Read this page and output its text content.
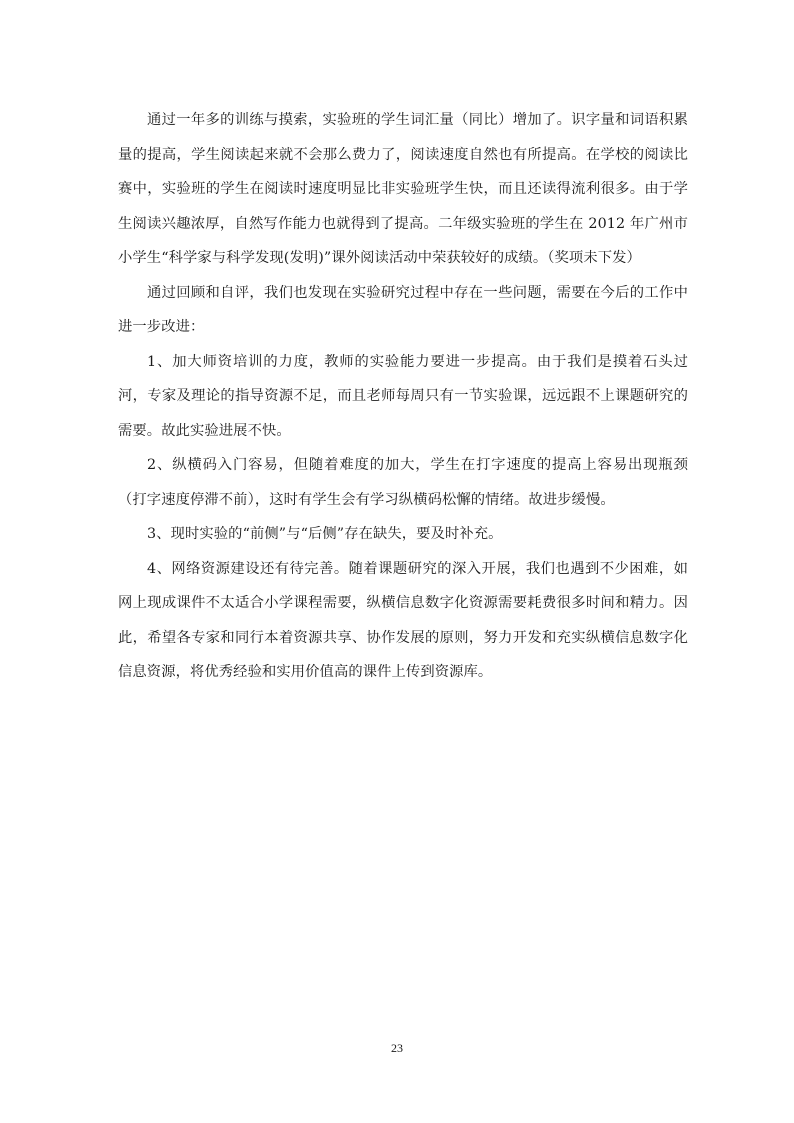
通过一年多的训练与摸索，实验班的学生词汇量（同比）增加了。识字量和词语积累量的提高，学生阅读起来就不会那么费力了，阅读速度自然也有所提高。在学校的阅读比赛中，实验班的学生在阅读时速度明显比非实验班学生快，而且还读得流利很多。由于学生阅读兴趣浓厚，自然写作能力也就得到了提高。二年级实验班的学生在 2012 年广州市小学生“科学家与科学发现(发明)”课外阅读活动中荣获较好的成绩。（奖项未下发）

通过回顾和自评，我们也发现在实验研究过程中存在一些问题，需要在今后的工作中进一步改进：

1、加大师资培训的力度，教师的实验能力要进一步提高。由于我们是摸着石头过河，专家及理论的指导资源不足，而且老师每周只有一节实验课，远远跟不上课题研究的需要。故此实验进展不快。

2、纵横码入门容易，但随着难度的加大，学生在打字速度的提高上容易出现瓶颈（打字速度停滞不前），这时有学生会有学习纵横码松懈的情绪。故进步缓慢。

3、现时实验的“前侧”与“后侧”存在缺失，要及时补充。

4、网络资源建设还有待完善。随着课题研究的深入开展，我们也遇到不少困难，如网上现成课件不太适合小学课程需要，纵横信息数字化资源需要耗费很多时间和精力。因此，希望各专家和同行本着资源共享、协作发展的原则，努力开发和充实纵横信息数字化信息资源，将优秀经验和实用价值高的课件上传到资源库。

23
